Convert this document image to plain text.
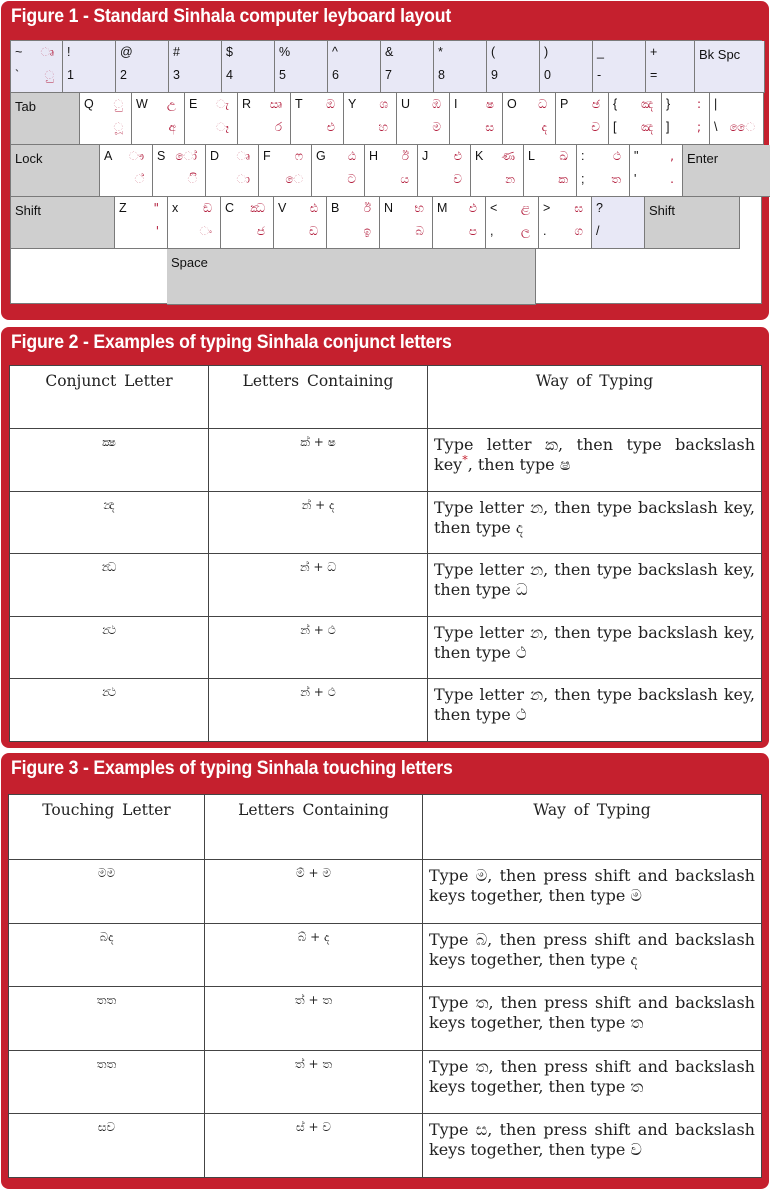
Figure 1 - Standard Sinhala computer leyboard layout
~
`
ෘ
ු
!
1
@
2
#
3
$
4
%
5
^
6
&
7
*
8
(
9
)
0
_
-
+
=
Bk Spc
Tab	Q ු
ූ
W උ
අ
E ැ
ෑ
R ඍ
ර
T ඔ
එ
Y ශ
හ
U ඹ
ම
I ෂ
ස
O ධ
ද
P ඡ
ච
{
[
ඤ
ඤ
}
]
:
;
|
\ ෛ
Lock	A ෟ
්
S ෝ
ි
D ෘ
ා
F ෆ
ෙ
G ඨ
ට
H ඊ
ය
J ළු
ව
K ණ
න
L ඛ
ක
:
;
ථ
ත
"
'
,
.
Enter
Shift	Z "
'
x ඞ
ං
C ඣ
ජ
V ඪ
ඩ
B ඊ
ඉ
N භ
බ
M ඵ
ප
<
,
ළ
ල
>
.
ඝ
ග
?
/
Shift
Space
Figure 2 - Examples of typing Sinhala conjunct letters
Conjunct Letter	Letters Containing	Way of Typing
ක්‍ෂ	ක් + ෂ	Type letter ක, then type backslash key*, then type ෂ
න්‍ද	න් + ද	Type letter න, then type backslash key, then type ද
න්‍ධ	න් + ධ	Type letter න, then type backslash key, then type ධ
න්‍ථ	න් + ථ	Type letter න, then type backslash key, then type ථ
න්‍ථ	න් + ථ	Type letter න, then type backslash key, then type ථ
Figure 3 - Examples of typing Sinhala touching letters
Touching Letter	Letters Containing	Way of Typing
මම	ම් + ම	Type ම, then press shift and backslash keys together, then type ම
බද	බ් + ද	Type බ, then press shift and backslash keys together, then type ද
තත	ත් + ත	Type ත, then press shift and backslash keys together, then type ත
තත	ත් + ත	Type ත, then press shift and backslash keys together, then type ත
සව	ස් + ව	Type ස, then press shift and backslash keys together, then type ව
